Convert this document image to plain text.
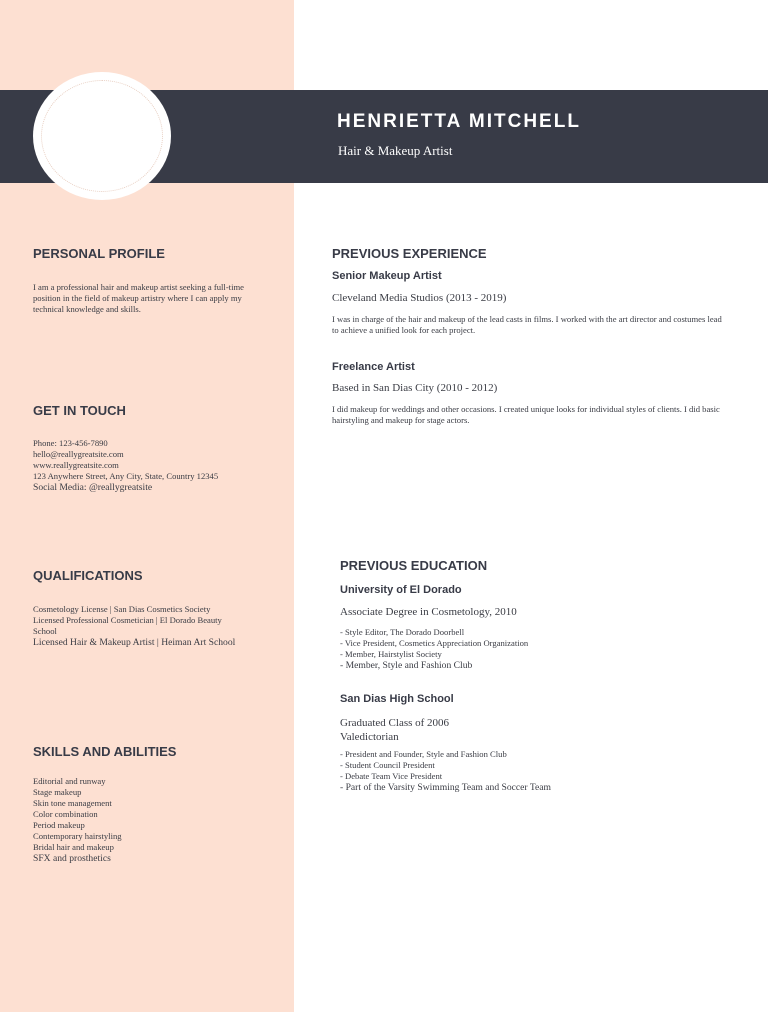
HENRIETTA MITCHELL
Hair & Makeup Artist
PERSONAL PROFILE
I am a professional hair and makeup artist seeking a full-time position in the field of makeup artistry where I can apply my technical knowledge and skills.
GET IN TOUCH
Phone: 123-456-7890
hello@reallygreatsite.com
www.reallygreatsite.com
123 Anywhere Street, Any City, State, Country 12345
Social Media: @reallygreatsite
QUALIFICATIONS
Cosmetology License | San Dias Cosmetics Society
Licensed Professional Cosmetician | El Dorado Beauty
School
Licensed Hair & Makeup Artist | Heiman Art School
SKILLS AND ABILITIES
Editorial and runway
Stage makeup
Skin tone management
Color combination
Period makeup
Contemporary hairstyling
Bridal hair and makeup
SFX and prosthetics
PREVIOUS EXPERIENCE
Senior Makeup Artist
Cleveland Media Studios (2013 - 2019)
I was in charge of the hair and makeup of the lead casts in films. I worked with the art director and costumes lead to achieve a unified look for each project.
Freelance Artist
Based in San Dias City (2010 - 2012)
I did makeup for weddings and other occasions. I created unique looks for individual styles of clients. I did basic hairstyling and makeup for stage actors.
PREVIOUS EDUCATION
University of El Dorado
Associate Degree in Cosmetology, 2010
- Style Editor, The Dorado Doorbell
- Vice President, Cosmetics Appreciation Organization
- Member, Hairstylist Society
- Member, Style and Fashion Club
San Dias High School
Graduated Class of 2006
Valedictorian
- President and Founder, Style and Fashion Club
- Student Council President
- Debate Team Vice President
- Part of the Varsity Swimming Team and Soccer Team
